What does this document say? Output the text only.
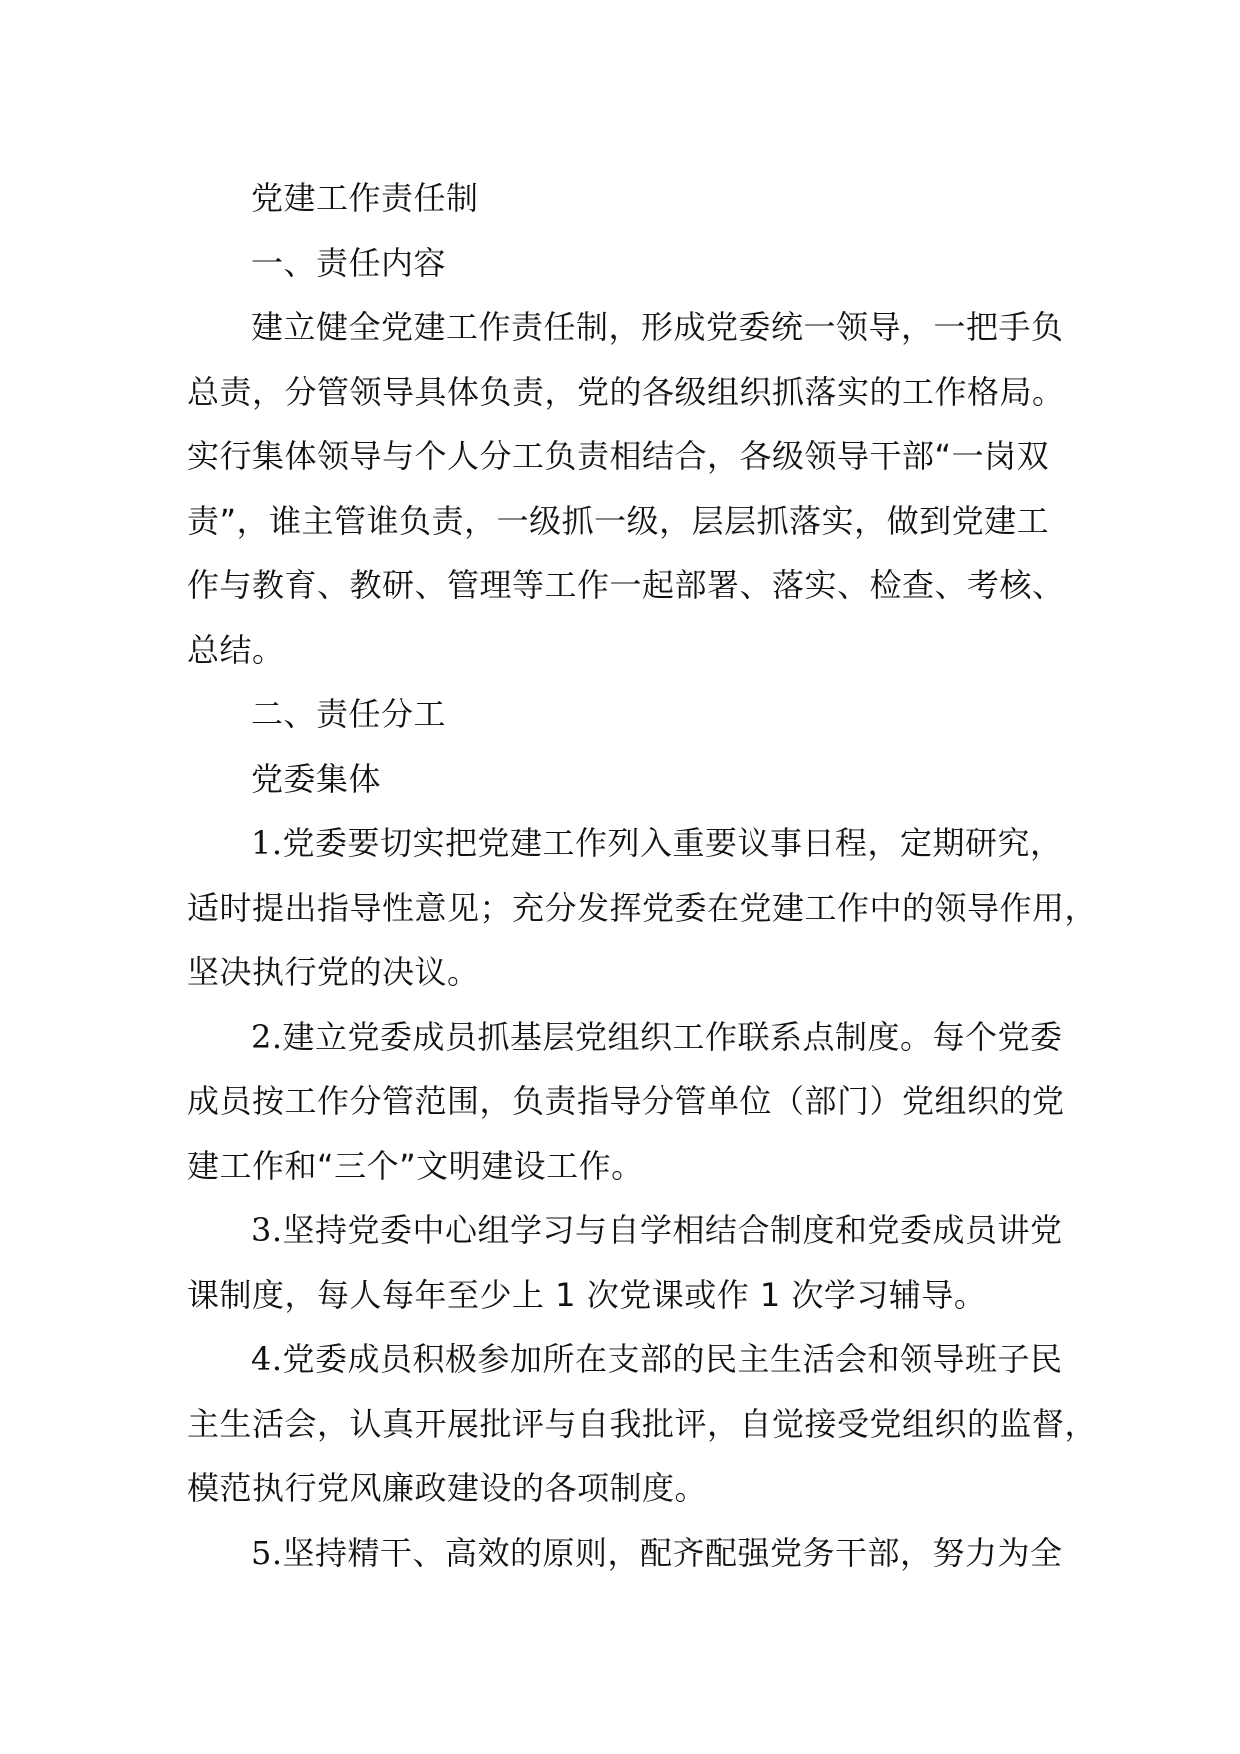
党建工作责任制
一、责任内容
建立健全党建工作责任制，形成党委统一领导，一把手负
总责，分管领导具体负责，党的各级组织抓落实的工作格局。
实行集体领导与个人分工负责相结合，各级领导干部“一岗双
责”，谁主管谁负责，一级抓一级，层层抓落实，做到党建工
作与教育、教研、管理等工作一起部署、落实、检查、考核、
总结。
二、责任分工
党委集体
1.党委要切实把党建工作列入重要议事日程，定期研究，
适时提出指导性意见；充分发挥党委在党建工作中的领导作用，
坚决执行党的决议。
2.建立党委成员抓基层党组织工作联系点制度。每个党委
成员按工作分管范围，负责指导分管单位（部门）党组织的党
建工作和“三个”文明建设工作。
3.坚持党委中心组学习与自学相结合制度和党委成员讲党
课制度，每人每年至少上 1 次党课或作 1 次学习辅导。
4.党委成员积极参加所在支部的民主生活会和领导班子民
主生活会，认真开展批评与自我批评，自觉接受党组织的监督，
模范执行党风廉政建设的各项制度。
5.坚持精干、高效的原则，配齐配强党务干部，努力为全
